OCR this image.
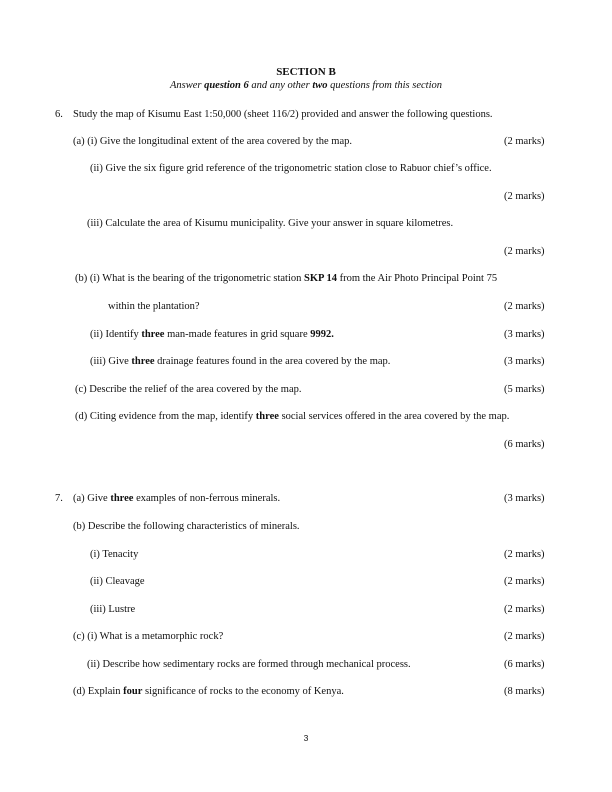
SECTION B
Answer question 6 and any other two questions from this section
6. Study the map of Kisumu East 1:50,000 (sheet 116/2) provided and answer the following questions.
(a) (i) Give the longitudinal extent of the area covered by the map.	(2 marks)
(ii) Give the six figure grid reference of the trigonometric station close to Rabuor chief’s office.
(2 marks)
(iii) Calculate the area of Kisumu municipality. Give your answer in square kilometres.
(2 marks)
(b) (i) What is the bearing of the trigonometric station SKP 14 from the Air Photo Principal Point 75
within the plantation?	(2 marks)
(ii) Identify three man-made features in grid square 9992.	(3 marks)
(iii) Give three drainage features found in the area covered by the map.	(3 marks)
(c) Describe the relief of the area covered by the map.	(5 marks)
(d) Citing evidence from the map, identify three social services offered in the area covered by the map.
(6 marks)
7. (a) Give three examples of non-ferrous minerals.	(3 marks)
(b) Describe the following characteristics of minerals.
(i) Tenacity	(2 marks)
(ii) Cleavage	(2 marks)
(iii) Lustre	(2 marks)
(c) (i) What is a metamorphic rock?	(2 marks)
(ii) Describe how sedimentary rocks are formed through mechanical process.	(6 marks)
(d) Explain four significance of rocks to the economy of Kenya.	(8 marks)
3
